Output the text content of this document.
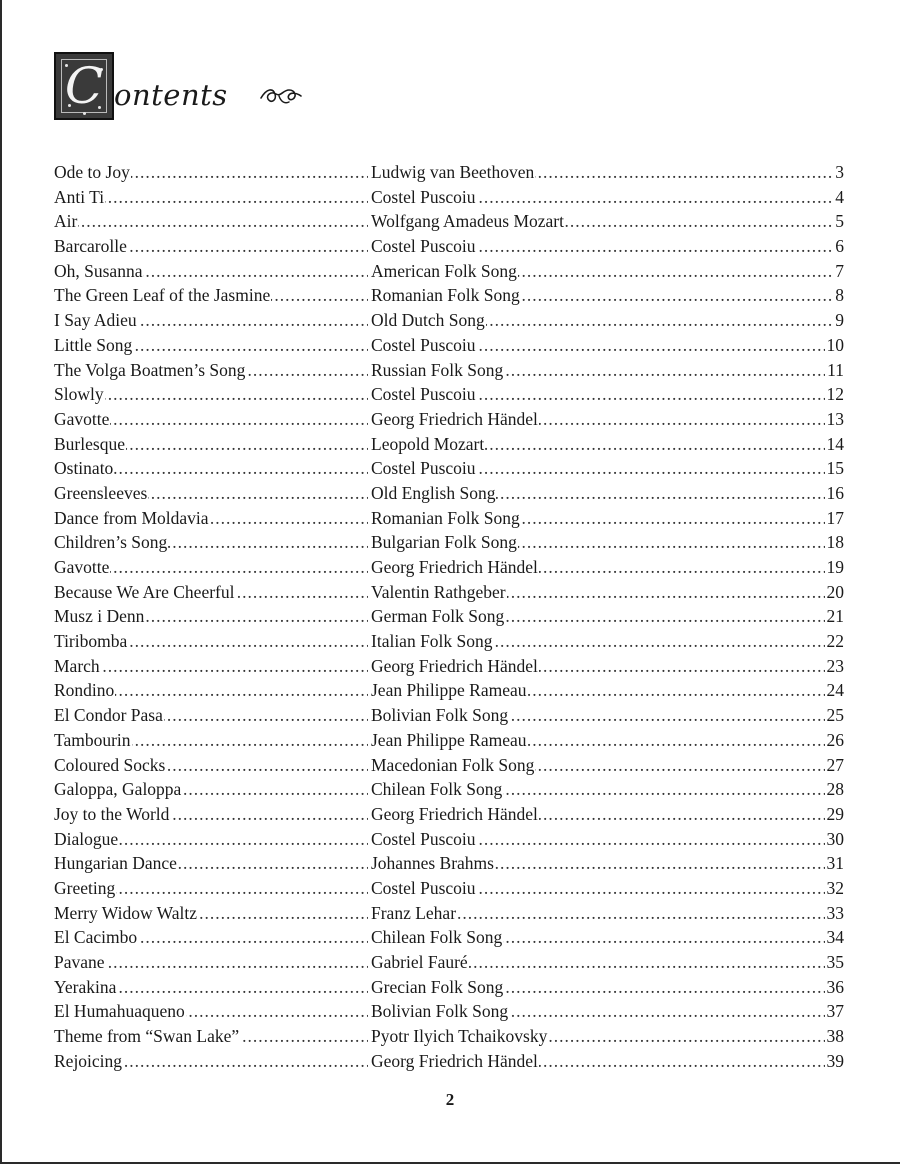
C ontents
.....
Ode to Joy .....	Ludwig van Beethoven	3
.....
Anti Ti .....	Costel Puscoiu	4
.....
Air .....	Wolfgang Amadeus Mozart	5
.....
Barcarolle .....	Costel Puscoiu	6
.....
Oh, Susanna .....	American Folk Song	7
.....
The Green Leaf of the Jasmine .....	Romanian Folk Song	8
.....
I Say Adieu .....	Old Dutch Song	9
.....
Little Song .....	Costel Puscoiu	10
.....
The Volga Boatmen’s Song .....	Russian Folk Song	11
.....
Slowly .....	Costel Puscoiu	12
.....
Gavotte .....	Georg Friedrich Händel	13
.....
Burlesque .....	Leopold Mozart	14
.....
Ostinato .....	Costel Puscoiu	15
.....
Greensleeves .....	Old English Song	16
.....
Dance from Moldavia .....	Romanian Folk Song	17
.....
Children’s Song .....	Bulgarian Folk Song	18
.....
Gavotte .....	Georg Friedrich Händel	19
.....
Because We Are Cheerful .....	Valentin Rathgeber	20
.....
Musz i Denn .....	German Folk Song	21
.....
Tiribomba .....	Italian Folk Song	22
.....
March .....	Georg Friedrich Händel	23
.....
Rondino .....	Jean Philippe Rameau	24
.....
El Condor Pasa .....	Bolivian Folk Song	25
.....
Tambourin .....	Jean Philippe Rameau	26
.....
Coloured Socks .....	Macedonian Folk Song	27
.....
Galoppa, Galoppa .....	Chilean Folk Song	28
.....
Joy to the World .....	Georg Friedrich Händel	29
.....
Dialogue .....	Costel Puscoiu	30
.....
Hungarian Dance .....	Johannes Brahms	31
.....
Greeting .....	Costel Puscoiu	32
.....
Merry Widow Waltz .....	Franz Lehar	33
.....
El Cacimbo .....	Chilean Folk Song	34
.....
Pavane .....	Gabriel Fauré	35
.....
Yerakina .....	Grecian Folk Song	36
.....
El Humahuaqueno .....	Bolivian Folk Song	37
.....
Theme from “Swan Lake” .....	Pyotr Ilyich Tchaikovsky	38
.....
Rejoicing .....	Georg Friedrich Händel	39
2
